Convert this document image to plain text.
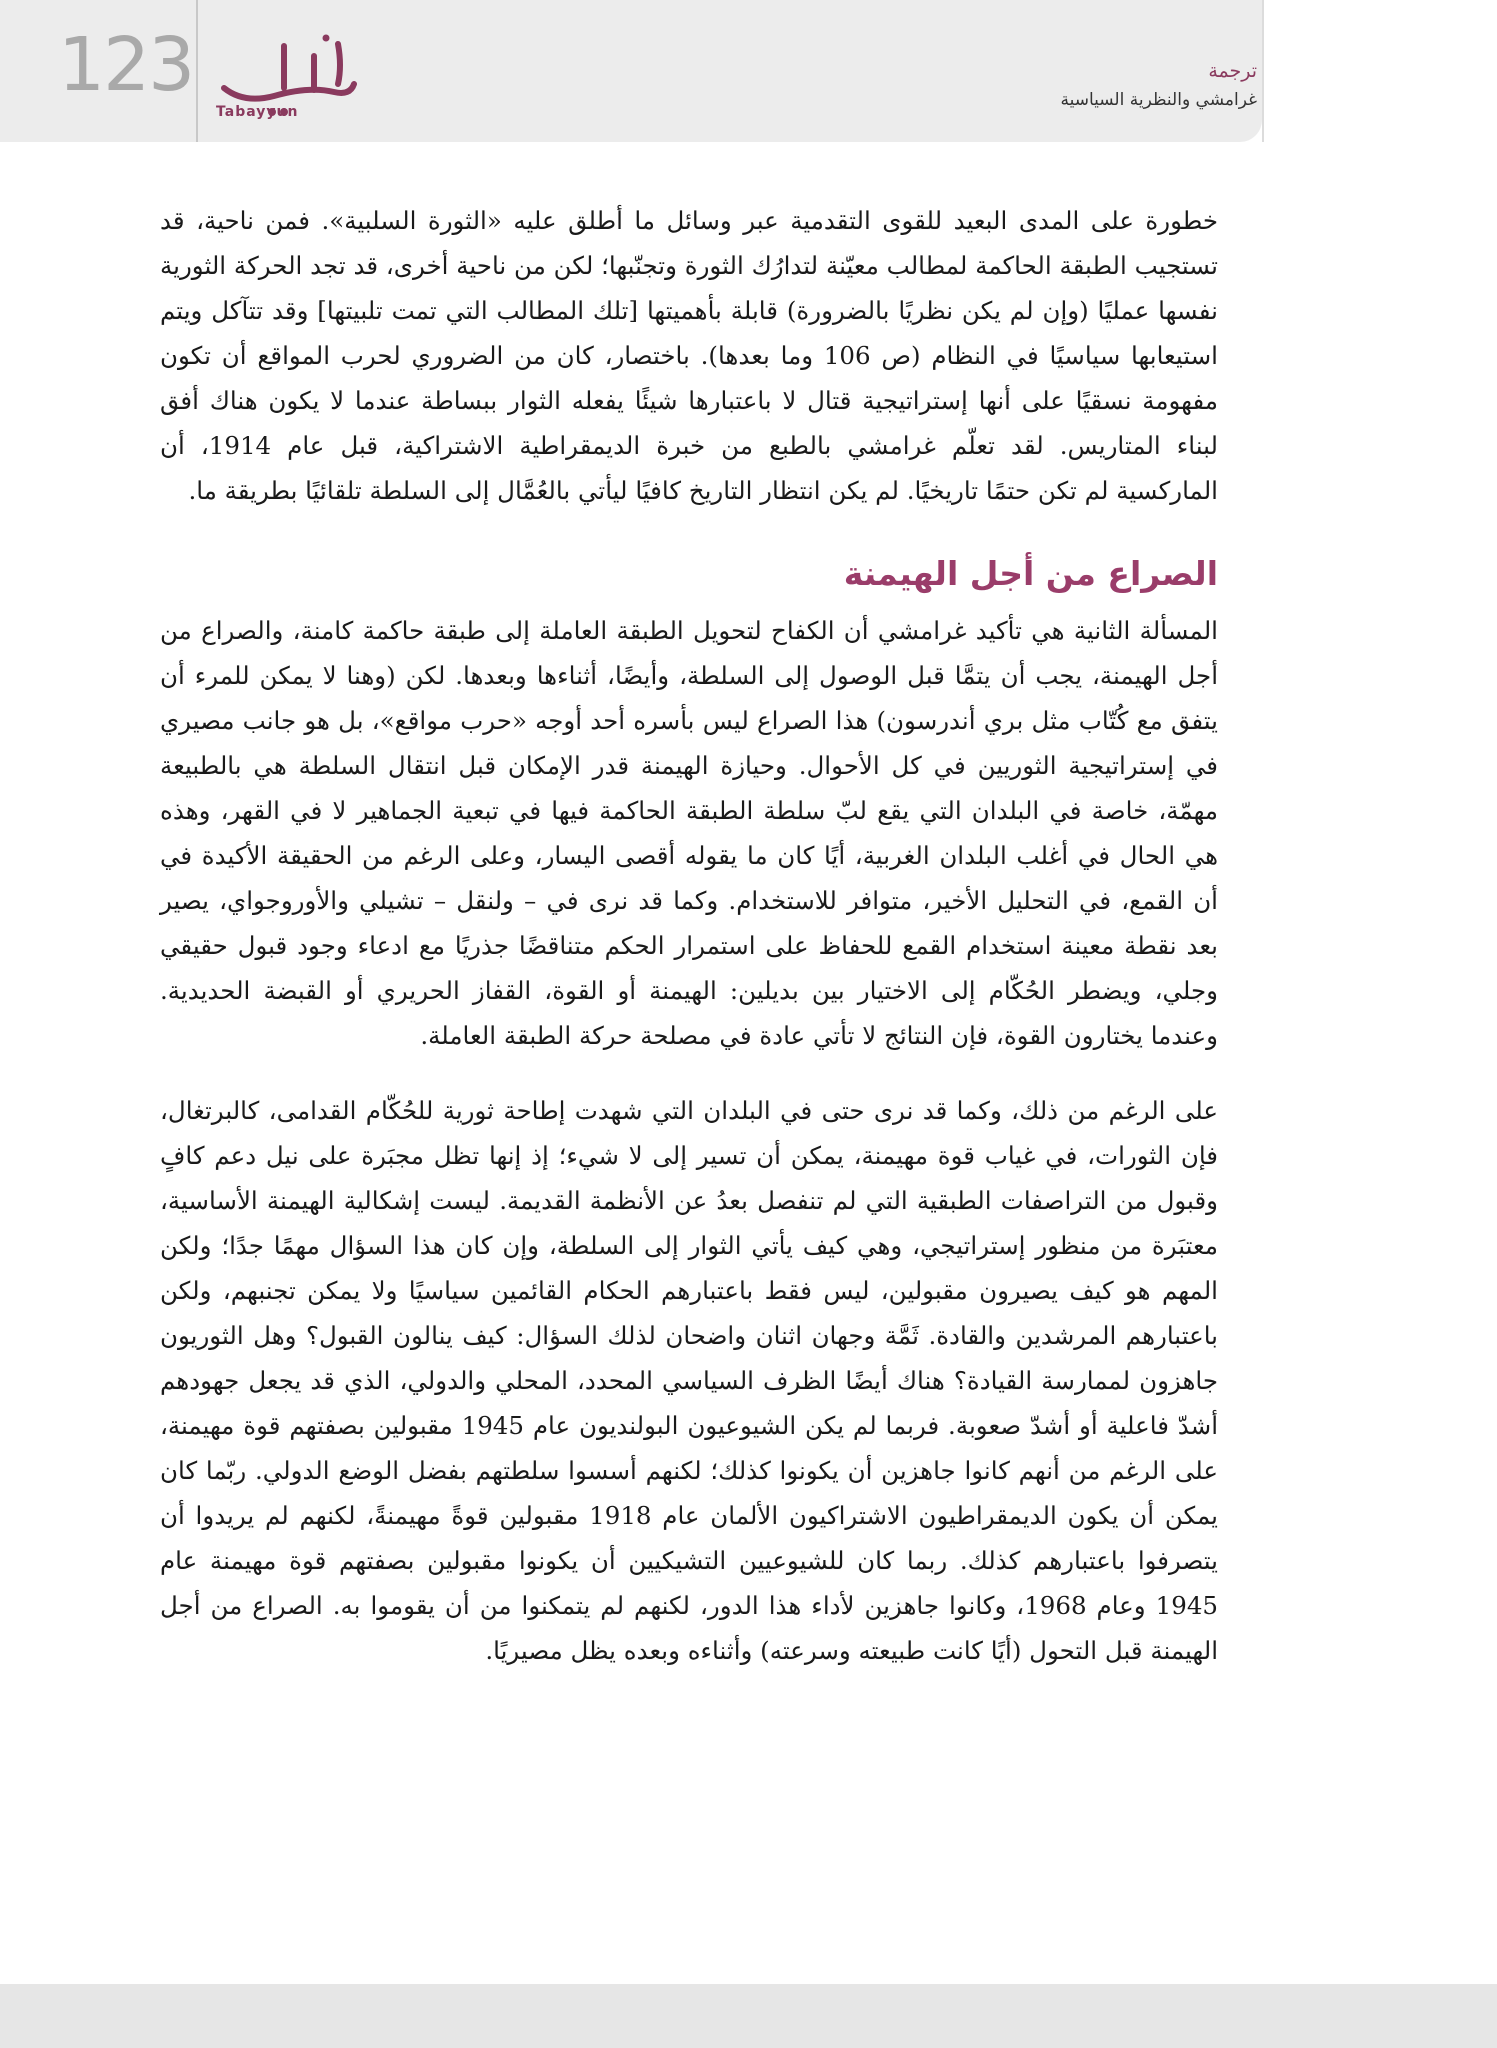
123	تبيُّن
Tabayyun
ترجمة
غرامشي والنظرية السياسية

خطورة على المدى البعيد للقوى التقدمية عبر وسائل ما أطلق عليه «الثورة السلبية». فمن ناحية، قد تستجيب الطبقة الحاكمة لمطالب معيّنة لتدارُك الثورة وتجنّبها؛ لكن من ناحية أخرى، قد تجد الحركة الثورية نفسها عمليًا (وإن لم يكن نظريًا بالضرورة) قابلة بأهميتها [تلك المطالب التي تمت تلبيتها] وقد تتآكل ويتم استيعابها سياسيًا في النظام (ص 106 وما بعدها). باختصار، كان من الضروري لحرب المواقع أن تكون مفهومة نسقيًا على أنها إستراتيجية قتال لا باعتبارها شيئًا يفعله الثوار ببساطة عندما لا يكون هناك أفق لبناء المتاريس. لقد تعلّم غرامشي بالطبع من خبرة الديمقراطية الاشتراكية، قبل عام 1914، أن الماركسية لم تكن حتمًا تاريخيًا. لم يكن انتظار التاريخ كافيًا ليأتي بالعُمَّال إلى السلطة تلقائيًا بطريقة ما.

الصراع من أجل الهيمنة

المسألة الثانية هي تأكيد غرامشي أن الكفاح لتحويل الطبقة العاملة إلى طبقة حاكمة كامنة، والصراع من أجل الهيمنة، يجب أن يتمَّا قبل الوصول إلى السلطة، وأيضًا، أثناءها وبعدها. لكن (وهنا لا يمكن للمرء أن يتفق مع كُتّاب مثل بري أندرسون) هذا الصراع ليس بأسره أحد أوجه «حرب مواقع»، بل هو جانب مصيري في إستراتيجية الثوريين في كل الأحوال. وحيازة الهيمنة قدر الإمكان قبل انتقال السلطة هي بالطبيعة مهمّة، خاصة في البلدان التي يقع لبّ سلطة الطبقة الحاكمة فيها في تبعية الجماهير لا في القهر، وهذه هي الحال في أغلب البلدان الغربية، أيًا كان ما يقوله أقصى اليسار، وعلى الرغم من الحقيقة الأكيدة في أن القمع، في التحليل الأخير، متوافر للاستخدام. وكما قد نرى في – ولنقل – تشيلي والأوروجواي، يصير بعد نقطة معينة استخدام القمع للحفاظ على استمرار الحكم متناقضًا جذريًا مع ادعاء وجود قبول حقيقي وجلي، ويضطر الحُكّام إلى الاختيار بين بديلين: الهيمنة أو القوة، القفاز الحريري أو القبضة الحديدية. وعندما يختارون القوة، فإن النتائج لا تأتي عادة في مصلحة حركة الطبقة العاملة.

على الرغم من ذلك، وكما قد نرى حتى في البلدان التي شهدت إطاحة ثورية للحُكّام القدامى، كالبرتغال، فإن الثورات، في غياب قوة مهيمنة، يمكن أن تسير إلى لا شيء؛ إذ إنها تظل مجبَرة على نيل دعم كافٍ وقبول من التراصفات الطبقية التي لم تنفصل بعدُ عن الأنظمة القديمة. ليست إشكالية الهيمنة الأساسية، معتبَرة من منظور إستراتيجي، وهي كيف يأتي الثوار إلى السلطة، وإن كان هذا السؤال مهمًا جدًا؛ ولكن المهم هو كيف يصيرون مقبولين، ليس فقط باعتبارهم الحكام القائمين سياسيًا ولا يمكن تجنبهم، ولكن باعتبارهم المرشدين والقادة. ثَمَّة وجهان اثنان واضحان لذلك السؤال: كيف ينالون القبول؟ وهل الثوريون جاهزون لممارسة القيادة؟ هناك أيضًا الظرف السياسي المحدد، المحلي والدولي، الذي قد يجعل جهودهم أشدّ فاعلية أو أشدّ صعوبة. فربما لم يكن الشيوعيون البولنديون عام 1945 مقبولين بصفتهم قوة مهيمنة، على الرغم من أنهم كانوا جاهزين أن يكونوا كذلك؛ لكنهم أسسوا سلطتهم بفضل الوضع الدولي. ربّما كان يمكن أن يكون الديمقراطيون الاشتراكيون الألمان عام 1918 مقبولين قوةً مهيمنةً، لكنهم لم يريدوا أن يتصرفوا باعتبارهم كذلك. ربما كان للشيوعيين التشيكيين أن يكونوا مقبولين بصفتهم قوة مهيمنة عام 1945 وعام 1968، وكانوا جاهزين لأداء هذا الدور، لكنهم لم يتمكنوا من أن يقوموا به. الصراع من أجل الهيمنة قبل التحول (أيًا كانت طبيعته وسرعته) وأثناءه وبعده يظل مصيريًا.
